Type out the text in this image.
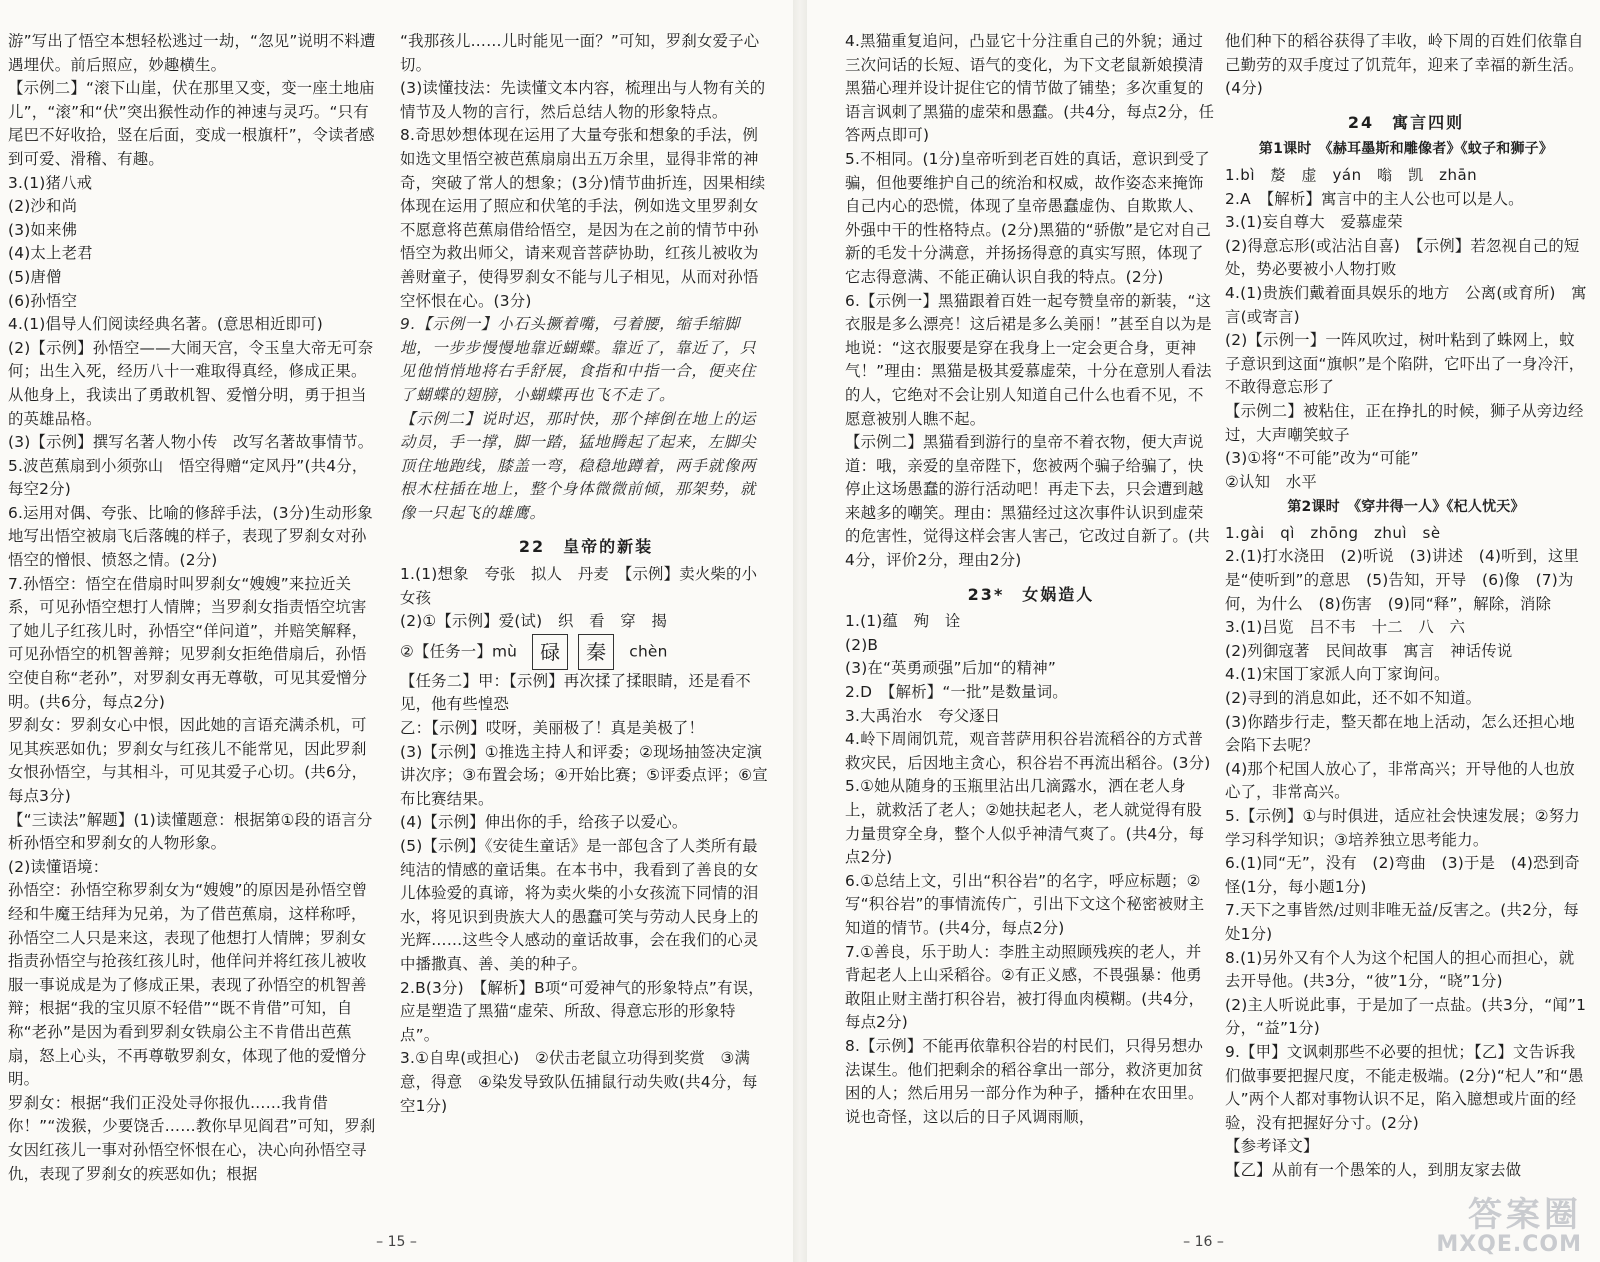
游”写出了悟空本想轻松逃过一劫，“忽见”说明不料遭遇埋伏。前后照应，妙趣横生。

【示例二】“滚下山崖，伏在那里又变，变一座土地庙儿”，“滚”和“伏”突出猴性动作的神速与灵巧。“只有尾巴不好收拾，竖在后面，变成一根旗杆”，令读者感到可爱、滑稽、有趣。

3.(1)猪八戒

(2)沙和尚

(3)如来佛

(4)太上老君

(5)唐僧

(6)孙悟空

4.(1)倡导人们阅读经典名著。(意思相近即可)

(2)【示例】孙悟空——大闹天宫，令玉皇大帝无可奈何；出生入死，经历八十一难取得真经，修成正果。从他身上，我读出了勇敢机智、爱憎分明，勇于担当的英雄品格。

(3)【示例】撰写名著人物小传　改写名著故事情节。

5.波芭蕉扇到小须弥山　悟空得赠“定风丹”(共4分，每空2分)

6.运用对偶、夸张、比喻的修辞手法，(3分)生动形象地写出悟空被扇飞后落魄的样子，表现了罗刹女对孙悟空的憎恨、愤怒之情。(2分)

7.孙悟空：悟空在借扇时叫罗刹女“嫂嫂”来拉近关系，可见孙悟空想打人情牌；当罗刹女指责悟空坑害了她儿子红孩儿时，孙悟空“佯问道”，并赔笑解释，可见孙悟空的机智善辩；见罗刹女拒绝借扇后，孙悟空使自称“老孙”，对罗刹女再无尊敬，可见其爱憎分明。(共6分，每点2分)

罗刹女：罗刹女心中恨，因此她的言语充满杀机，可见其疾恶如仇；罗刹女与红孩儿不能常见，因此罗刹女恨孙悟空，与其相斗，可见其爱子心切。(共6分，每点3分)

【“三读法”解题】(1)读懂题意：根据第①段的语言分析孙悟空和罗刹女的人物形象。

(2)读懂语境：

孙悟空：孙悟空称罗刹女为“嫂嫂”的原因是孙悟空曾经和牛魔王结拜为兄弟，为了借芭蕉扇，这样称呼，孙悟空二人只是来这，表现了他想打人情牌；罗刹女指责孙悟空与抢孩红孩儿时，他佯问并将红孩儿被收服一事说成是为了修成正果，表现了孙悟空的机智善辩；根据“我的宝贝原不轻借”“既不肯借”可知，自称“老孙”是因为看到罗刹女铁扇公主不肯借出芭蕉扇，怒上心头，不再尊敬罗刹女，体现了他的爱憎分明。

罗刹女：根据“我们正没处寻你报仇……我肯借你！”“泼猴，少要饶舌……教你早见阎君”可知，罗刹女因红孩儿一事对孙悟空怀恨在心，决心向孙悟空寻仇，表现了罗刹女的疾恶如仇；根据

“我那孩儿……儿时能见一面？”可知，罗刹女爱子心切。

(3)读懂技法：先读懂文本内容，梳理出与人物有关的情节及人物的言行，然后总结人物的形象特点。

8.奇思妙想体现在运用了大量夸张和想象的手法，例如选文里悟空被芭蕉扇扇出五万余里，显得非常的神奇，突破了常人的想象；(3分)情节曲折连，因果相续体现在运用了照应和伏笔的手法，例如选文里罗刹女不愿意将芭蕉扇借给悟空，是因为在之前的情节中孙悟空为救出师父，请来观音菩萨协助，红孩儿被收为善财童子，使得罗刹女不能与儿子相见，从而对孙悟空怀恨在心。(3分)

9.【示例一】小石头撅着嘴，弓着腰，缩手缩脚地，一步步慢慢地靠近蝴蝶。靠近了，靠近了，只见他悄悄地将右手舒展，食指和中指一合，便夹住了蝴蝶的翅膀，小蝴蝶再也飞不走了。

【示例二】说时迟，那时快，那个摔倒在地上的运动员，手一撑，脚一踏，猛地腾起了起来，左脚尖顶住地跑线，膝盖一弯，稳稳地蹲着，两手就像两根木柱插在地上，整个身体微微前倾，那架势，就像一只起飞的雄鹰。

22　皇帝的新装

1.(1)想象　夸张　拟人　丹麦　【示例】卖火柴的小女孩

(2)①【示例】爱(试)　织　看　穿　揭

②【任务一】mù	碌	秦	chèn

【任务二】甲：【示例】再次揉了揉眼睛，还是看不见，他有些惶恐

乙：【示例】哎呀，美丽极了！真是美极了！

(3)【示例】①推选主持人和评委；②现场抽签决定演讲次序；③布置会场；④开始比赛；⑤评委点评；⑥宣布比赛结果。

(4)【示例】伸出你的手，给孩子以爱心。

(5)【示例】《安徒生童话》是一部包含了人类所有最纯洁的情感的童话集。在本书中，我看到了善良的女儿体验爱的真谛，将为卖火柴的小女孩流下同情的泪水，将见识到贵族大人的愚蠢可笑与劳动人民身上的光辉……这些令人感动的童话故事，会在我们的心灵中播撒真、善、美的种子。

2.B(3分)　【解析】B项“可爱神气的形象特点”有误，应是塑造了黑猫“虚荣、所敌、得意忘形的形象特点”。

3.①自卑(或担心)　②伏击老鼠立功得到奖赏　③满意，得意　④染发导致队伍捕鼠行动失败(共4分，每空1分)

– 15 –

4.黑猫重复追问，凸显它十分注重自己的外貌；通过三次问话的长短、语气的变化，为下文老鼠新娘摸清黑猫心理并设计捉住它的情节做了铺垫；多次重复的语言讽刺了黑猫的虚荣和愚蠢。(共4分，每点2分，任答两点即可)

5.不相同。(1分)皇帝听到老百姓的真话，意识到受了骗，但他要维护自己的统治和权威，故作姿态来掩饰自己内心的恐慌，体现了皇帝愚蠢虚伪、自欺欺人、外强中干的性格特点。(2分)黑猫的“骄傲”是它对自己新的毛发十分满意，并扬扬得意的真实写照，体现了它志得意满、不能正确认识自我的特点。(2分)

6.【示例一】黑猫跟着百姓一起夸赞皇帝的新装，“这衣服是多么漂亮！这后裙是多么美丽！”甚至自以为是地说：“这衣服要是穿在我身上一定会更合身，更神气！”理由：黑猫是极其爱慕虚荣，十分在意别人看法的人，它绝对不会让别人知道自己什么也看不见，不愿意被别人瞧不起。

【示例二】黑猫看到游行的皇帝不着衣物，便大声说道：哦，亲爱的皇帝陛下，您被两个骗子给骗了，快停止这场愚蠢的游行活动吧！再走下去，只会遭到越来越多的嘲笑。理由：黑猫经过这次事件认识到虚荣的危害性，觉得这样会害人害己，它改过自新了。(共4分，评价2分，理由2分)

23*　女娲造人

1.(1)蕴　殉　诠

(2)B

(3)在“英勇顽强”后加“的精神”

2.D　【解析】“一批”是数量词。

3.大禹治水　夸父逐日

4.岭下周闹饥荒，观音菩萨用积谷岩流稻谷的方式普救灾民，后因地主贪心，积谷岩不再流出稻谷。(3分)

5.①她从随身的玉瓶里沾出几滴露水，洒在老人身上，就救活了老人；②她扶起老人，老人就觉得有股力量贯穿全身，整个人似乎神清气爽了。(共4分，每点2分)

6.①总结上文，引出“积谷岩”的名字，呼应标题；②写“积谷岩”的事情流传广，引出下文这个秘密被财主知道的情节。(共4分，每点2分)

7.①善良，乐于助人：李胜主动照顾残疾的老人，并背起老人上山采稻谷。②有正义感，不畏强暴：他勇敢阻止财主凿打积谷岩，被打得血肉模糊。(共4分，每点2分)

8.【示例】不能再依靠积谷岩的村民们，只得另想办法谋生。他们把剩余的稻谷拿出一部分，救济更加贫困的人；然后用另一部分作为种子，播种在农田里。说也奇怪，这以后的日子风调雨顺，

他们种下的稻谷获得了丰收，岭下周的百姓们依靠自己勤劳的双手度过了饥荒年，迎来了幸福的新生活。(4分)

24　寓言四则
第1课时　《赫耳墨斯和雕像者》《蚊子和狮子》

1.bì　嫠　虚　yán　嗡　凯　zhān

2.A　【解析】寓言中的主人公也可以是人。

3.(1)妄自尊大　爱慕虚荣

(2)得意忘形(或沾沾自喜)　【示例】若忽视自己的短处，势必要被小人物打败

4.(1)贵族们戴着面具娱乐的地方　公离(或育所)　寓言(或寄言)

(2)【示例一】一阵风吹过，树叶粘到了蛛网上，蚊子意识到这面“旗帜”是个陷阱，它吓出了一身冷汗，不敢得意忘形了

【示例二】被粘住，正在挣扎的时候，狮子从旁边经过，大声嘲笑蚊子

(3)①将“不可能”改为“可能”

②认知　水平

第2课时　《穿井得一人》《杞人忧天》

1.gài　qì　zhōng　zhuì　sè

2.(1)打水浇田　(2)听说　(3)讲述　(4)听到，这里是“使听到”的意思　(5)告知，开导　(6)像　(7)为何，为什么　(8)伤害　(9)同“释”，解除，消除

3.(1)吕览　吕不韦　十二　八　六

(2)列御寇著　民间故事　寓言　神话传说

4.(1)宋国丁家派人向丁家询问。

(2)寻到的消息如此，还不如不知道。

(3)你踏步行走，整天都在地上活动，怎么还担心地会陷下去呢？

(4)那个杞国人放心了，非常高兴；开导他的人也放心了，非常高兴。

5.【示例】①与时俱进，适应社会快速发展；②努力学习科学知识；③培养独立思考能力。

6.(1)同“无”，没有　(2)弯曲　(3)于是　(4)恐到奇怪(1分，每小题1分)

7.天下之事皆然/过则非唯无益/反害之。(共2分，每处1分)

8.(1)另外又有个人为这个杞国人的担心而担心，就去开导他。(共3分，“彼”1分，“晓”1分)

(2)主人听说此事，于是加了一点盐。(共3分，“闻”1分，“益”1分)

9.【甲】文讽刺那些不必要的担忧；【乙】文告诉我们做事要把握尺度，不能走极端。(2分)“杞人”和“愚人”两个人都对事物认识不足，陷入臆想或片面的经验，没有把握好分寸。(2分)

【参考译文】

【乙】从前有一个愚笨的人，到朋友家去做

– 16 –
答案圈
MXQE.COM
